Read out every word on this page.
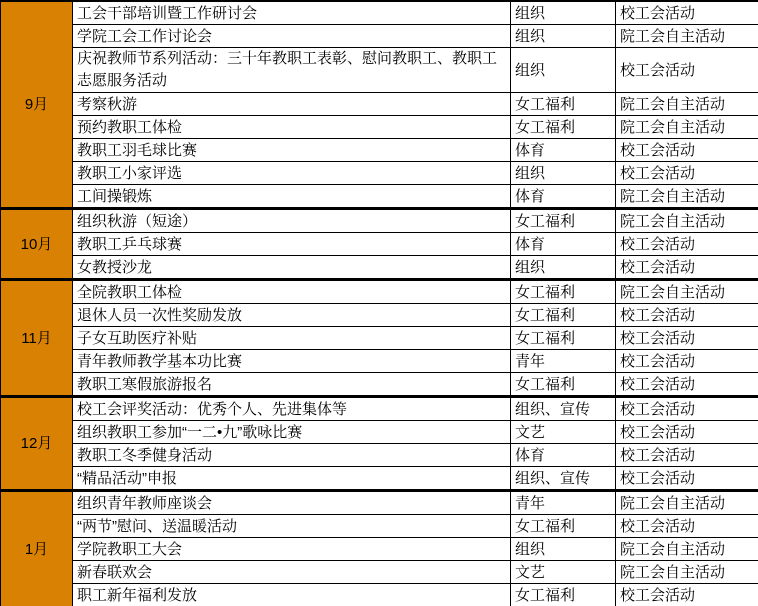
9月	工会干部培训暨工作研讨会	组织	校工会活动
	学院工会工作讨论会	组织	院工会自主活动
	庆祝教师节系列活动：三十年教职工表彰、慰问教职工、教职工志愿服务活动	组织	校工会活动
	考察秋游	女工福利	院工会自主活动
	预约教职工体检	女工福利	院工会自主活动
	教职工羽毛球比赛	体育	校工会活动
	教职工小家评选	组织	校工会活动
	工间操锻炼	体育	院工会自主活动
10月	组织秋游（短途）	女工福利	院工会自主活动
	教职工乒乓球赛	体育	校工会活动
	女教授沙龙	组织	校工会活动
11月	全院教职工体检	女工福利	院工会自主活动
	退休人员一次性奖励发放	女工福利	校工会活动
	子女互助医疗补贴	女工福利	校工会活动
	青年教师教学基本功比赛	青年	校工会活动
	教职工寒假旅游报名	女工福利	校工会活动
12月	校工会评奖活动：优秀个人、先进集体等	组织、宣传	校工会活动
	组织教职工参加“一二•九”歌咏比赛	文艺	校工会活动
	教职工冬季健身活动	体育	校工会活动
	“精品活动”申报	组织、宣传	校工会活动
1月	组织青年教师座谈会	青年	院工会自主活动
	“两节”慰问、送温暖活动	女工福利	校工会活动
	学院教职工大会	组织	院工会自主活动
	新春联欢会	文艺	院工会自主活动
	职工新年福利发放	女工福利	校工会活动
